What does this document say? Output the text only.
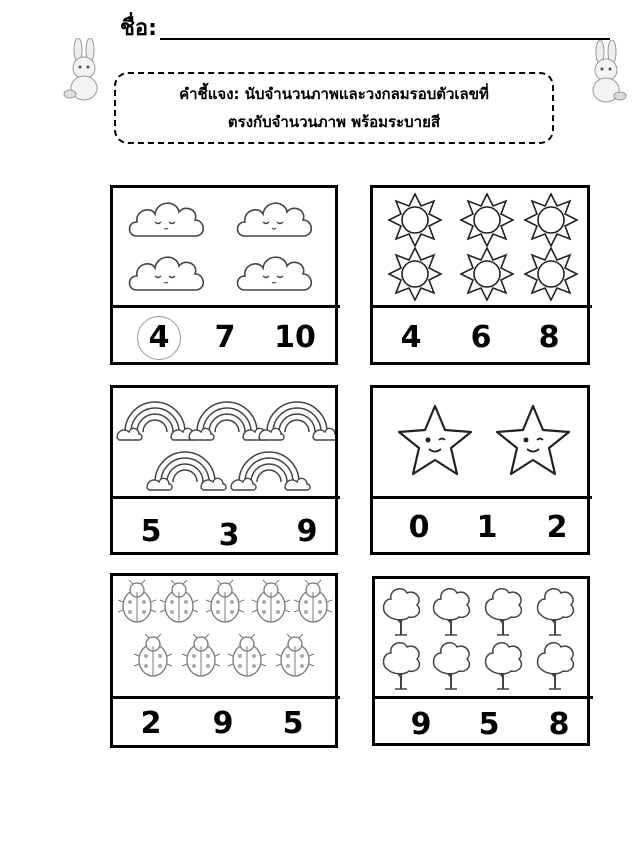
ชื่อ:
คำชี้แจง: นับจำนวนภาพและวงกลมรอบตัวเลขที่
ตรงกับจำนวนภาพ พร้อมระบายสี
4 7 10	4 6 8
5 3 9	0 1 2
2 9 5	9 5 8
